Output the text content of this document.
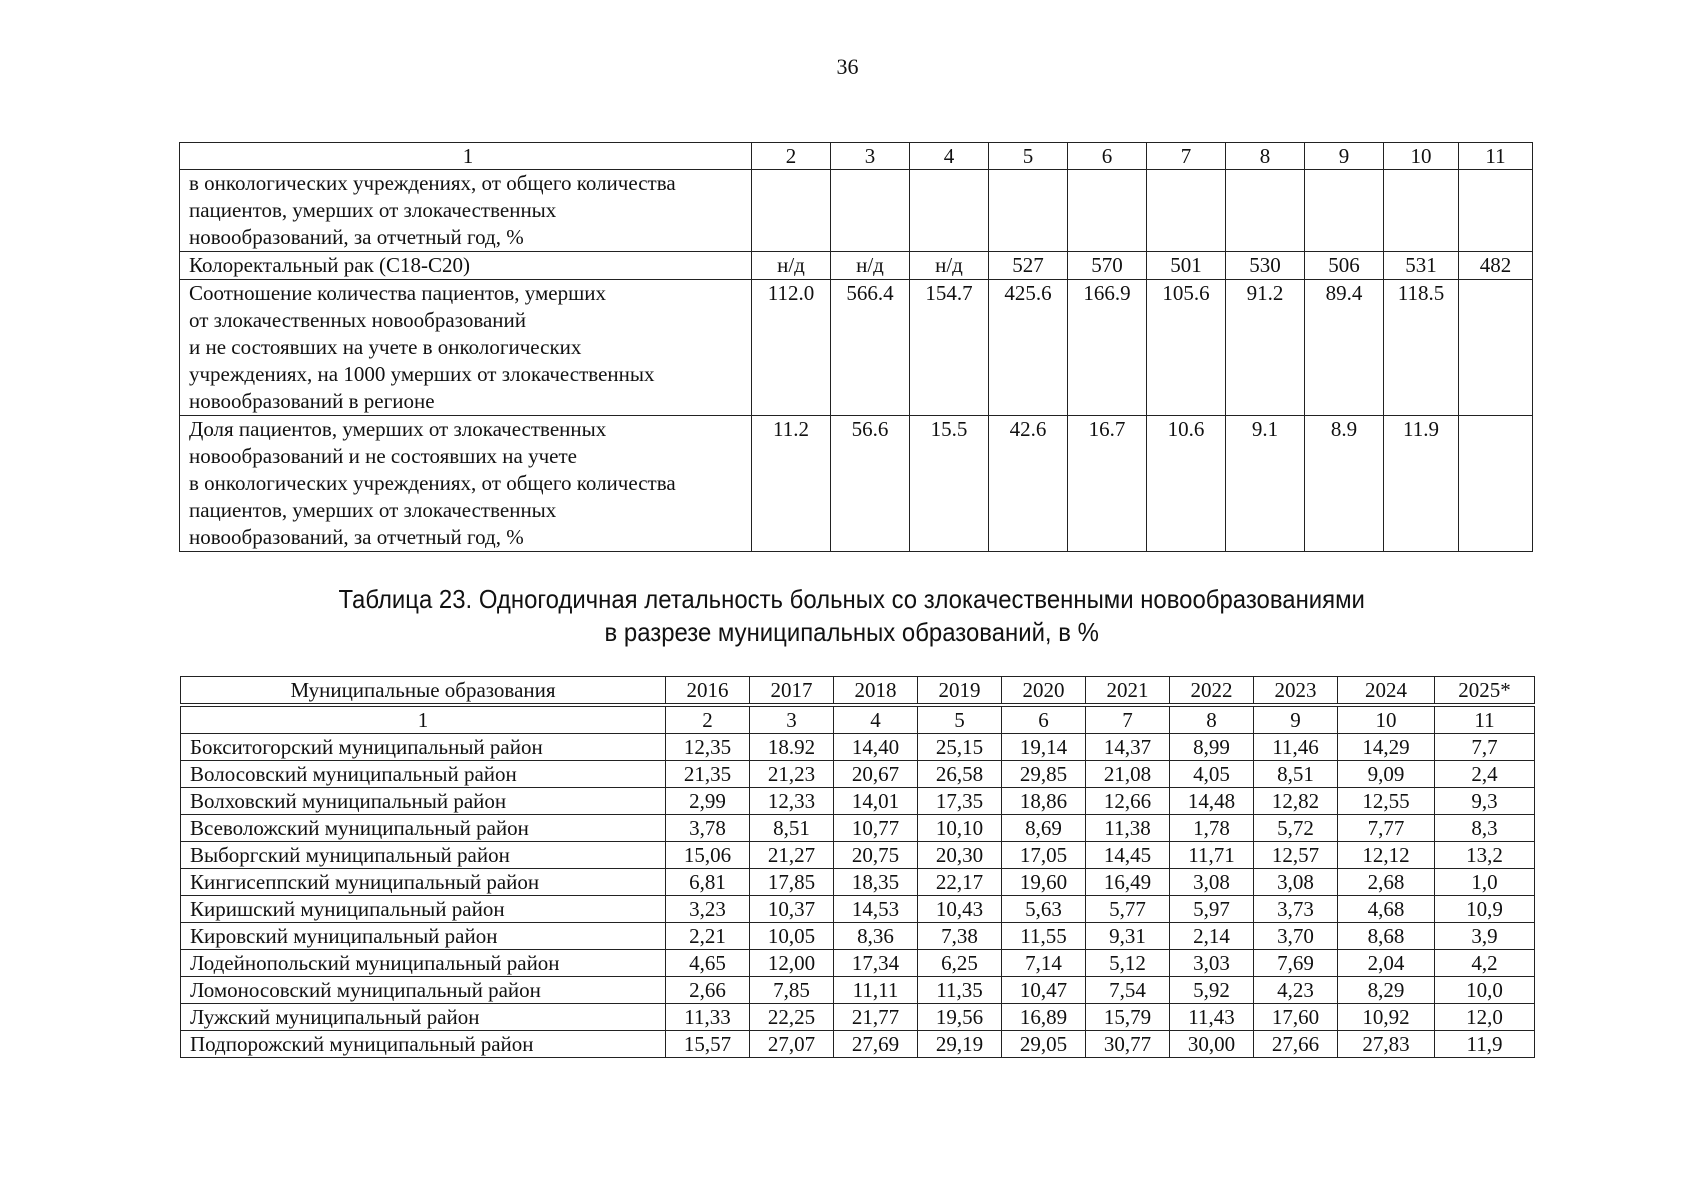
36
1	2	3	4	5	6	7	8	9	10	11

в онкологических учреждениях, от общего количества
пациентов, умерших от злокачественных
новообразований, за отчетный год, %										

Колоректальный рак (С18-С20)	н/д	н/д	н/д	527	570	501	530	506	531	482

Соотношение количества пациентов, умерших
от злокачественных новообразований
и не состоявших на учете в онкологических
учреждениях, на 1000 умерших от злокачественных
новообразований в регионе	112.0	566.4	154.7	425.6	166.9	105.6	91.2	89.4	118.5	

Доля пациентов, умерших от злокачественных
новообразований и не состоявших на учете
в онкологических учреждениях, от общего количества
пациентов, умерших от злокачественных
новообразований, за отчетный год, %	11.2	56.6	15.5	42.6	16.7	10.6	9.1	8.9	11.9	
Таблица 23. Одногодичная летальность больных со злокачественными новообразованиями
в разрезе муниципальных образований, в %
Муниципальные образования	2016	2017	2018	2019	2020	2021	2022	2023	2024	2025*
1	2	3	4	5	6	7	8	9	10	11
Бокситогорский муниципальный район	12,35	18.92	14,40	25,15	19,14	14,37	8,99	11,46	14,29	7,7
Волосовский муниципальный район	21,35	21,23	20,67	26,58	29,85	21,08	4,05	8,51	9,09	2,4
Волховский муниципальный район	2,99	12,33	14,01	17,35	18,86	12,66	14,48	12,82	12,55	9,3
Всеволожский муниципальный район	3,78	8,51	10,77	10,10	8,69	11,38	1,78	5,72	7,77	8,3
Выборгский муниципальный район	15,06	21,27	20,75	20,30	17,05	14,45	11,71	12,57	12,12	13,2
Кингисеппский муниципальный район	6,81	17,85	18,35	22,17	19,60	16,49	3,08	3,08	2,68	1,0
Киришский муниципальный район	3,23	10,37	14,53	10,43	5,63	5,77	5,97	3,73	4,68	10,9
Кировский муниципальный район	2,21	10,05	8,36	7,38	11,55	9,31	2,14	3,70	8,68	3,9
Лодейнопольский муниципальный район	4,65	12,00	17,34	6,25	7,14	5,12	3,03	7,69	2,04	4,2
Ломоносовский муниципальный район	2,66	7,85	11,11	11,35	10,47	7,54	5,92	4,23	8,29	10,0
Лужский муниципальный район	11,33	22,25	21,77	19,56	16,89	15,79	11,43	17,60	10,92	12,0
Подпорожский муниципальный район	15,57	27,07	27,69	29,19	29,05	30,77	30,00	27,66	27,83	11,9
